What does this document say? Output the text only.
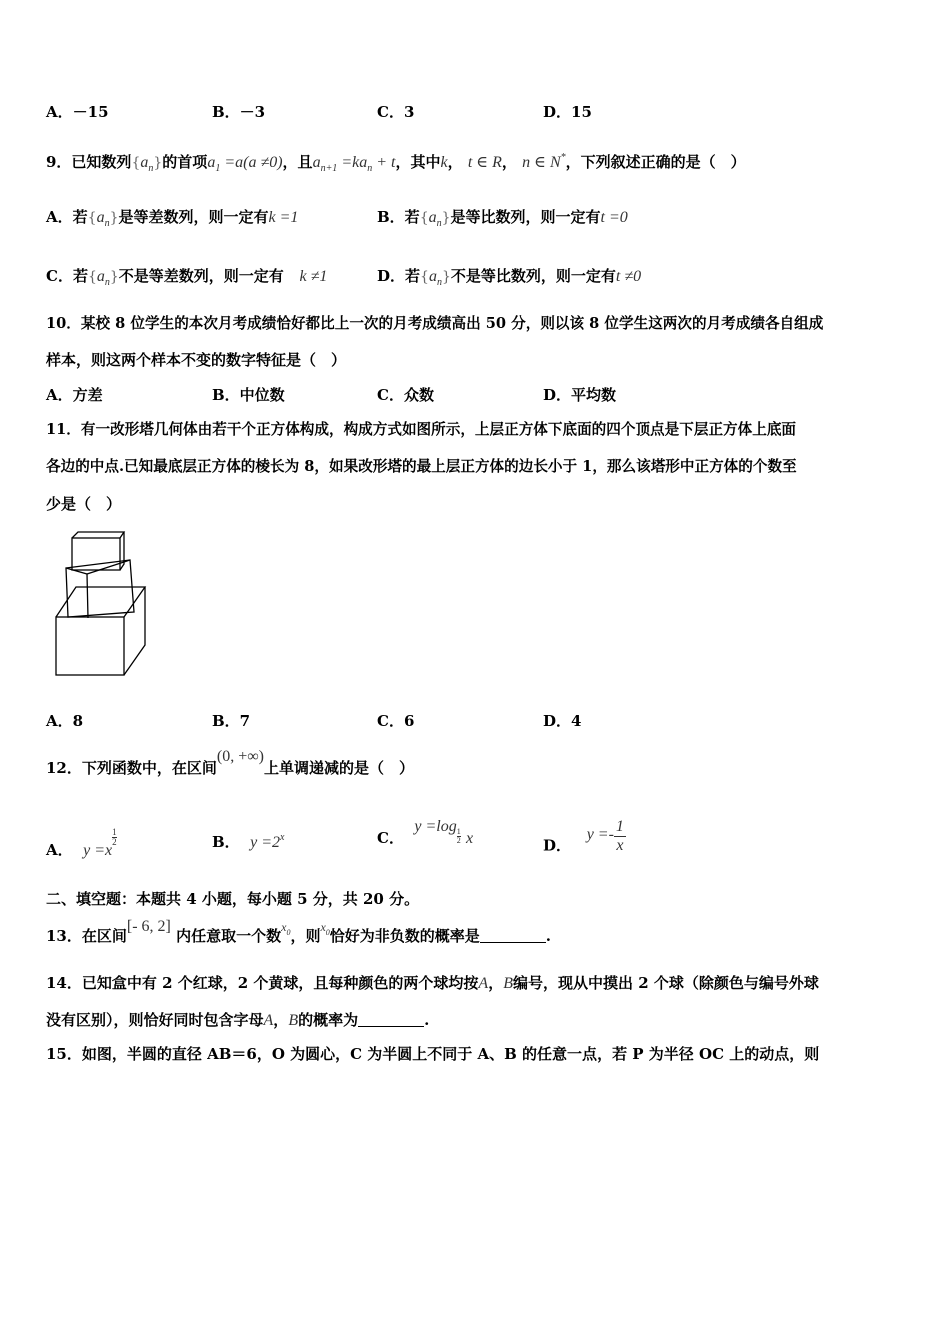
A．－15	B．－3	C．3	D．15
9．已知数列$\{a_n\}$的首项$a_1 =a(a \ne 0)$，且$a_{n+1} =ka_n + t$，其中k， t ∈ R， n ∈ N*，下列叙述正确的是（　）
A．若$\{a_n\}$是等差数列，则一定有k =1	B．若$\{a_n\}$是等比数列，则一定有t =0
C．若$\{a_n\}$不是等差数列，则一定有 k ≠1	D．若$\{a_n\}$不是等比数列，则一定有t ≠0
10．某校 8 位学生的本次月考成绩恰好都比上一次的月考成绩高出 50 分，则以该 8 位学生这两次的月考成绩各自组成
样本，则这两个样本不变的数字特征是（　）
A．方差	B．中位数	C．众数	D．平均数
11．有一改形塔几何体由若干个正方体构成，构成方式如图所示，上层正方体下底面的四个顶点是下层正方体上底面
各边的中点.已知最底层正方体的棱长为 8，如果改形塔的最上层正方体的边长小于 1，那么该塔形中正方体的个数至
少是（　）
A．8	B．7	C．6	D．4
12．下列函数中，在区间(0, +∞)上单调递减的是（　）
A． y =x
$\frac{1}{2}$	B． $y =2^x$	C．  y =log
$\frac{1}{2}$ x	D．   $y =- \frac{1}{x}$
二、填空题：本题共 4 小题，每小题 5 分，共 20 分。
13．在区间[- 6, 2] 内任意取一个数$^{x0}$，则$^{x0}$恰好为非负数的概率是	.
14．已知盒中有 2 个红球，2 个黄球，且每种颜色的两个球均按A，B编号，现从中摸出 2 个球（除颜色与编号外球
没有区别），则恰好同时包含字母A，B的概率为	.
15．如图，半圆的直径 AB＝6，O 为圆心，C 为半圆上不同于 A、B 的任意一点，若 P 为半径 OC 上的动点，则
